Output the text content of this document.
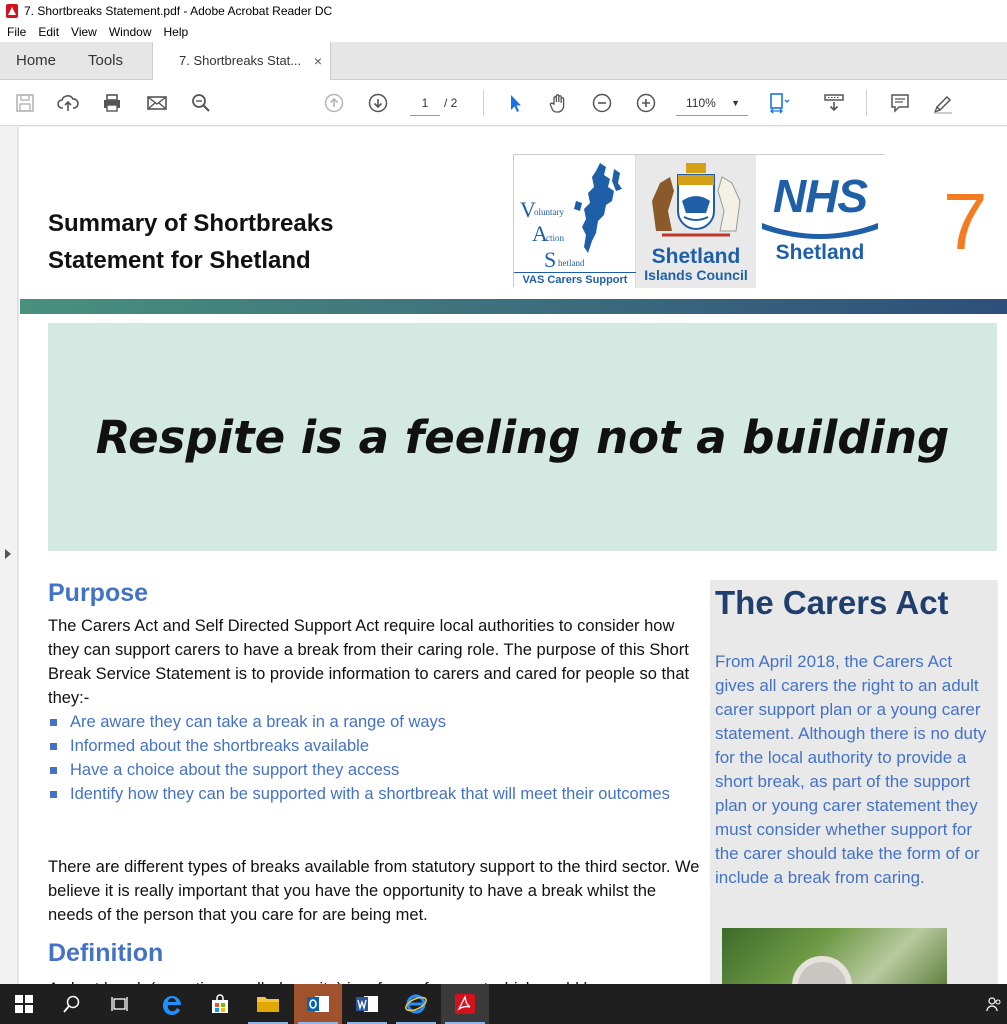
7. Shortbreaks Statement.pdf - Adobe Acrobat Reader DC
File Edit View Window Help
Home Tools	7. Shortbreaks Stat... ×
1	/ 2	110% ▼
Summary of Shortbreaks
Statement for Shetland
V
oluntary
A
ction
S hetland
VAS Carers Support
Shetland
Islands Council
NHS
Shetland 7
Respite is a feeling not a building
Purpose
The Carers Act and Self Directed Support Act require local authorities to consider how they can support carers to have a break from their caring role. The purpose of this Short Break Service Statement is to provide information to carers and cared for people so that they:-
Are aware they can take a break in a range of ways
Informed about the shortbreaks available
Have a choice about the support they access
Identify how they can be supported with a shortbreak that will meet their outcomes
There are different types of breaks available from statutory support to the third sector. We believe it is really important that you have the opportunity to have a break whilst the needs of the person that you care for are being met.
Definition
The Carers Act
From April 2018, the Carers Act gives all carers the right to an adult carer support plan or a young carer statement. Although there is no duty for the local authority to provide a short break, as part of the support plan or young carer statement they must consider whether support for the carer should take the form of or include a break from caring.
